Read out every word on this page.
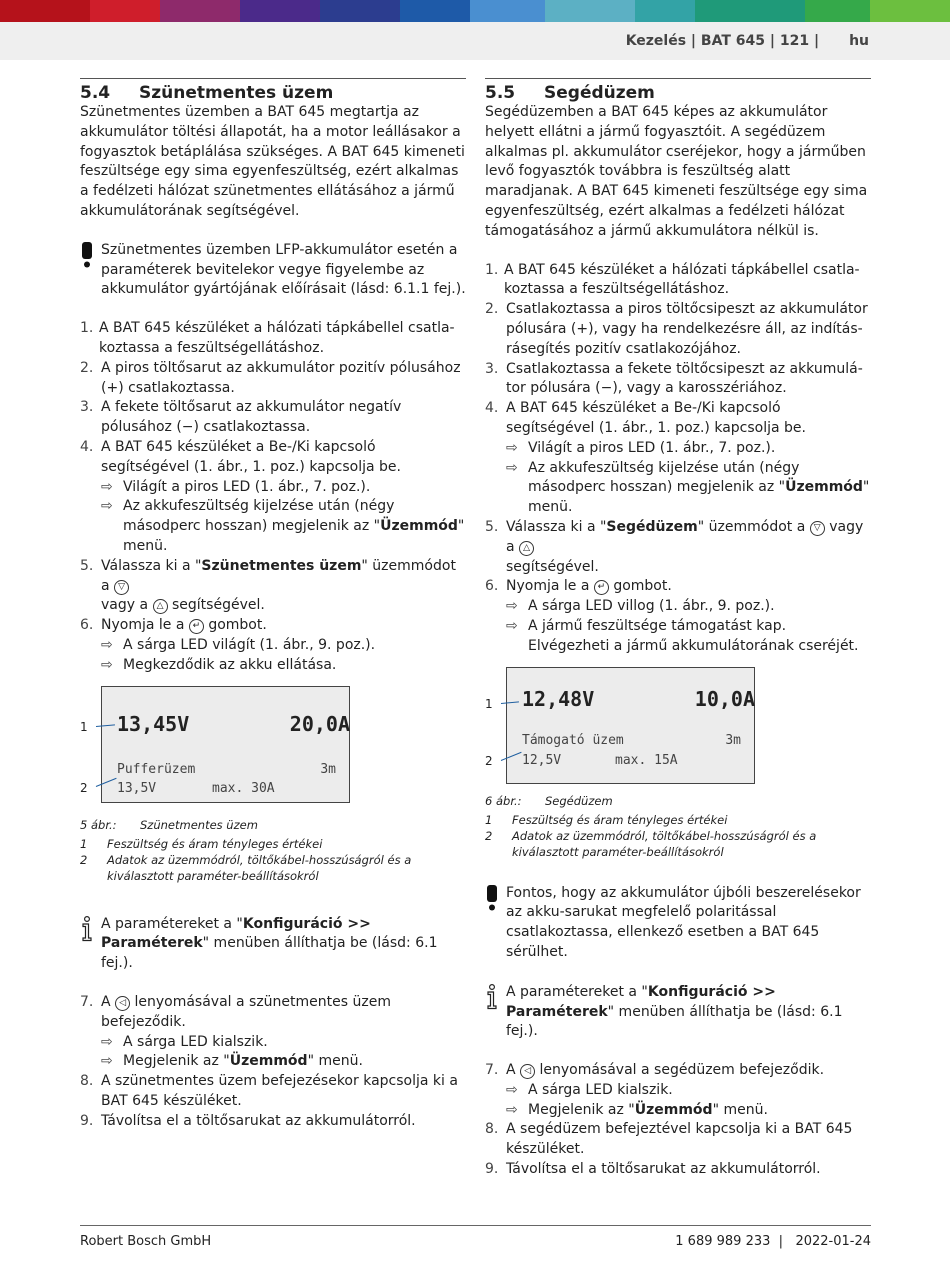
Kezelés | BAT 645 | 121 | hu
5.4 Szünetmentes üzem

Szünetmentes üzemben a BAT 645 megtartja az akkumulátor töltési állapotát, ha a motor leállásakor a fogyasztok betáplálása szükséges. A BAT 645 kimeneti feszültsége egy sima egyenfeszültség, ezért alkalmas a fedélzeti hálózat szünetmentes ellátásához a jármű akkumulátorának segítségével.

Szünetmentes üzemben LFP-akkumulátor esetén a paraméterek bevitelekor vegye figyelembe az akkumulátor gyártójának előírásait (lásd: 6.1.1 fej.).
1. A BAT 645 készüléket a hálózati tápkábellel csatlakoztassa a feszültségellátáshoz.
2. A piros töltősarut az akkumulátor pozitív pólusához (+) csatlakoztassa.
3. A fekete töltősarut az akkumulátor negatív pólusához (−) csatlakoztassa.
4. A BAT 645 készüléket a Be-/Ki kapcsoló segítségével (1. ábr., 1. poz.) kapcsolja be.
⇨ Világít a piros LED (1. ábr., 7. poz.).
⇨ Az akkufeszültség kijelzése után (négy másodperc hosszan) megjelenik az "Üzemmód" menü.
5. Válassza ki a "Szünetmentes üzem" üzemmódot a ▽
vagy a △ segítségével.
6. Nyomja le a ↵ gombot.
⇨ A sárga LED világít (1. ábr., 9. poz.).
⇨ Megkezdődik az akku ellátása.
13,45V	20,0A
Pufferüzem	3m
13,5V	max. 30A
1
2
5 ábr.: Szünetmentes üzem
1 Feszültség és áram tényleges értékei
2 Adatok az üzemmódról, töltőkábel-hosszúságról és a kiválasztott paraméter-beállításokról
A paramétereket a "Konfiguráció >> Paraméterek" menüben állíthatja be (lásd: 6.1 fej.).
7. A ◁ lenyomásával a szünetmentes üzem befejeződik.
⇨ A sárga LED kialszik.
⇨ Megjelenik az "Üzemmód" menü.
8. A szünetmentes üzem befejezésekor kapcsolja ki a BAT 645 készüléket.
9. Távolítsa el a töltősarukat az akkumulátorról.
5.5 Segédüzem

Segédüzemben a BAT 645 képes az akkumulátor helyett ellátni a jármű fogyasztóit. A segédüzem alkalmas pl. akkumulátor cseréjekor, hogy a járműben levő fogyasztók továbbra is feszültség alatt maradjanak. A BAT 645 kimeneti feszültsége egy sima egyenfeszültség, ezért alkalmas a fedélzeti hálózat támogatásához a jármű akkumulátora nélkül is.

1. A BAT 645 készüléket a hálózati tápkábellel csatlakoztassa a feszültségellátáshoz.
2. Csatlakoztassa a piros töltőcsipeszt az akkumulátor pólusára (+), vagy ha rendelkezésre áll, az indításrásegítés pozitív csatlakozójához.
3. Csatlakoztassa a fekete töltőcsipeszt az akkumulátor pólusára (−), vagy a karosszériához.
4. A BAT 645 készüléket a Be-/Ki kapcsoló segítségével (1. ábr., 1. poz.) kapcsolja be.
⇨ Világít a piros LED (1. ábr., 7. poz.).
⇨ Az akkufeszültség kijelzése után (négy másodperc hosszan) megjelenik az "Üzemmód" menü.
5. Válassza ki a "Segédüzem" üzemmódot a ▽ vagy a △
segítségével.
6. Nyomja le a ↵ gombot.
⇨ A sárga LED villog (1. ábr., 9. poz.).
⇨ A jármű feszültsége támogatást kap. Elvégezheti a jármű akkumulátorának cseréjét.
12,48V	10,0A
Támogató üzem	3m
12,5V	max. 15A
1
2
6 ábr.: Segédüzem
1 Feszültség és áram tényleges értékei
2 Adatok az üzemmódról, töltőkábel-hosszúságról és a kiválasztott paraméter-beállításokról
Fontos, hogy az akkumulátor újbóli beszerelésekor az akku-sarukat megfelelő polaritással csatlakoztassa, ellenkező esetben a BAT 645 sérülhet.
A paramétereket a "Konfiguráció >> Paraméterek" menüben állíthatja be (lásd: 6.1 fej.).
7. A ◁ lenyomásával a segédüzem befejeződik.
⇨ A sárga LED kialszik.
⇨ Megjelenik az "Üzemmód" menü.
8. A segédüzem befejeztével kapcsolja ki a BAT 645 készüléket.
9. Távolítsa el a töltősarukat az akkumulátorról.
Robert Bosch GmbH	1 689 989 233  |   2022-01-24
